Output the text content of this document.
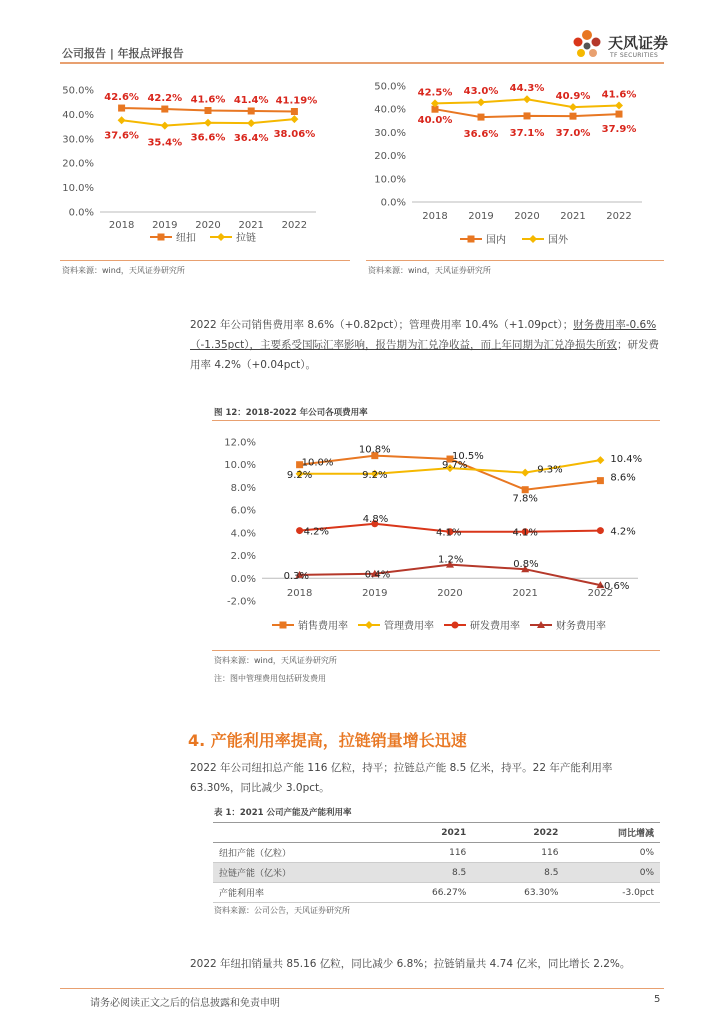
公司报告 | 年报点评报告
天风证券
TF SECURITIES
0.0%
10.0%
20.0%
30.0%
40.0%
50.0%
2018 2019 2020 2021 2022
42.6% 42.2% 41.6% 41.4% 41.19%
37.6%
35.4% 36.6% 36.4% 38.06%
纽扣	拉链
资料来源：wind，天风证券研究所
0.0%
10.0%
20.0%
30.0%
40.0%
50.0%
2018 2019 2020 2021 2022
40.0%
36.6% 37.1% 37.0% 37.9%
42.5% 43.0% 44.3%
40.9% 41.6%
国内	国外
资料来源：wind，天风证券研究所
2022 年公司销售费用率 8.6%（+0.82pct）；管理费用率 10.4%（+1.09pct）；财务费用率-0.6%（-1.35pct），主要系受国际汇率影响，报告期为汇兑净收益，而上年同期为汇兑净损失所致；研发费用率 4.2%（+0.04pct）。
图 12：2018-2022 年公司各项费用率
-2.0%
0.0%
2.0%
4.0%
6.0%
8.0%
10.0%
12.0%
2018	2019	2020	2021	2022
10.0%
10.8%
10.5%
7.8%
8.6%
9.2%	9.2%
9.7%	9.3%
10.4%
4.2%
4.8%
4.1%	4.1%	4.2%
0.3%	0.4%
1.2%	0.8%
-0.6%
销售费用率	管理费用率	研发费用率	财务费用率
资料来源：wind，天风证券研究所
注：图中管理费用包括研发费用
4. 产能利用率提高，拉链销量增长迅速
2022 年公司纽扣总产能 116 亿粒，持平；拉链总产能 8.5 亿米，持平。22 年产能利用率 63.30%，同比减少 3.0pct。
表 1：2021 公司产能及产能利用率
	2021	2022	同比增减
纽扣产能（亿粒）	116	116	0%
拉链产能（亿米）	8.5	8.5	0%
产能利用率	66.27%	63.30%	-3.0pct
资料来源：公司公告，天风证券研究所
2022 年纽扣销量共 85.16 亿粒，同比减少 6.8%；拉链销量共 4.74 亿米，同比增长 2.2%。
请务必阅读正文之后的信息披露和免责申明	5
